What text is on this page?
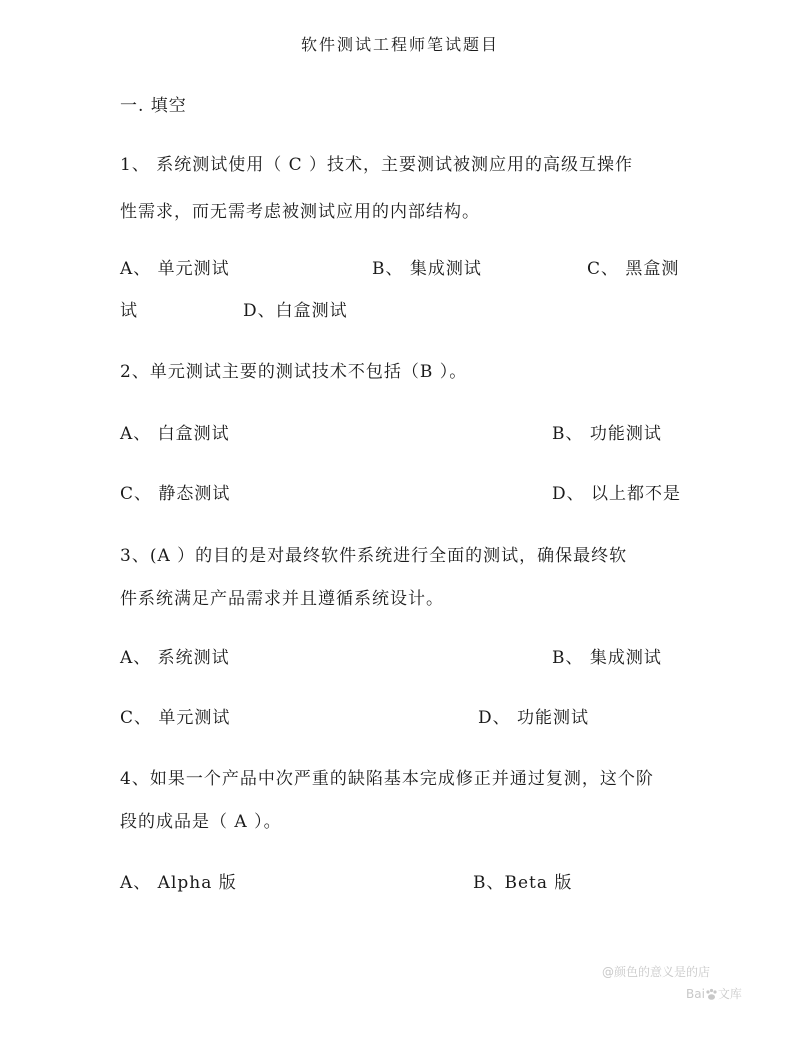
软件测试工程师笔试题目
一. 填空
1、 系统测试使用（ C ）技术，主要测试被测应用的高级互操作
性需求，而无需考虑被测试应用的内部结构。
A、 单元测试	B、 集成测试	C、 黑盒测
试	D、白盒测试
2、单元测试主要的测试技术不包括（B ）。
A、 白盒测试	B、 功能测试
C、 静态测试	D、 以上都不是
3、(A ）的目的是对最终软件系统进行全面的测试，确保最终软
件系统满足产品需求并且遵循系统设计。
A、 系统测试	B、 集成测试
C、 单元测试	D、 功能测试
4、如果一个产品中次严重的缺陷基本完成修正并通过复测，这个阶
段的成品是（ A ）。
A、 Alpha 版	B、Beta 版
@颜色的意义是的店
Bai 文库
